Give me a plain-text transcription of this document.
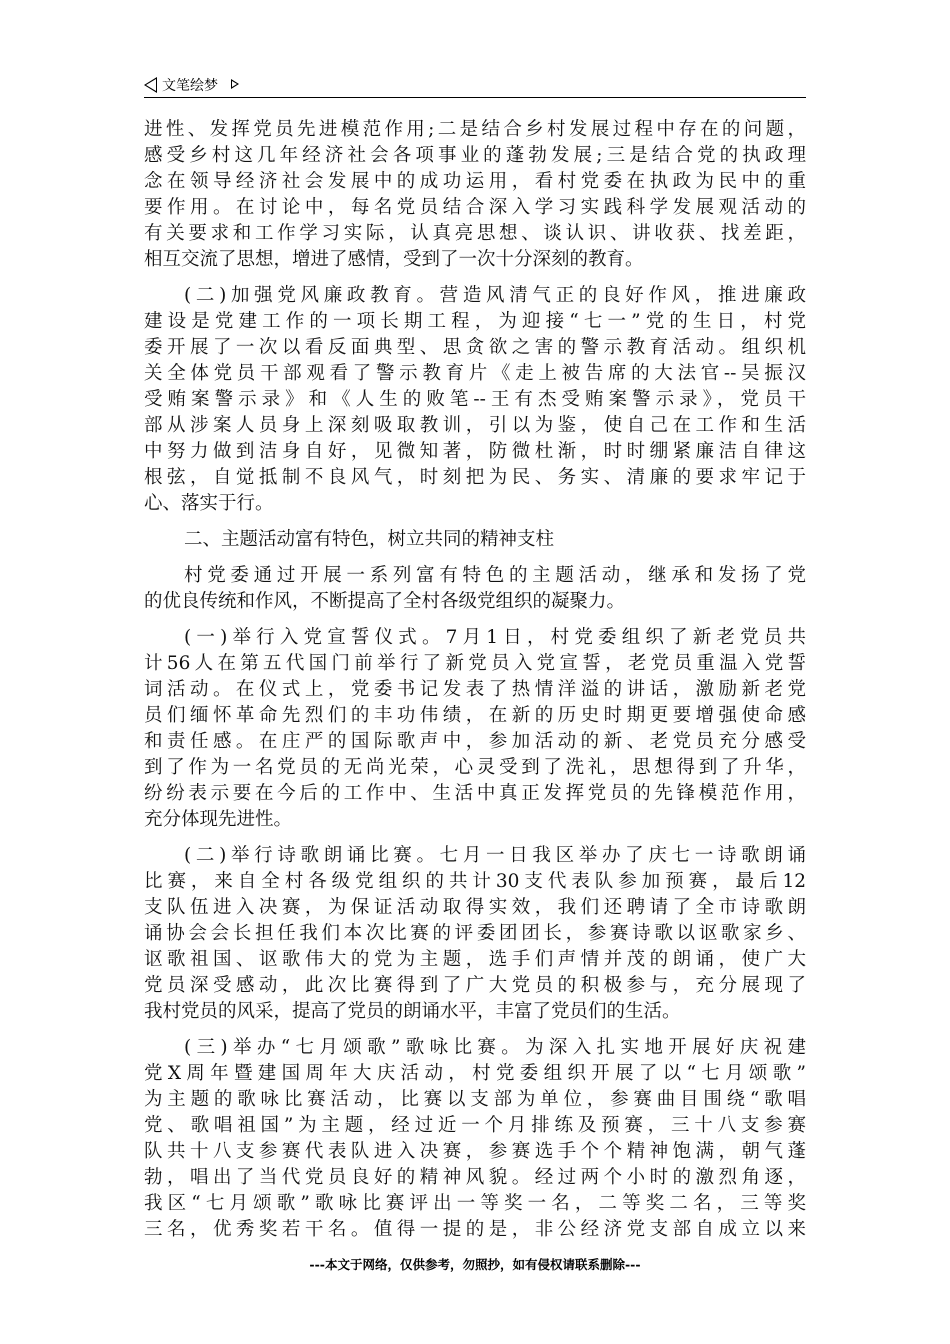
文笔绘梦
进性、发挥党员先进模范作用;二是结合乡村发展过程中存在的问题，
感受乡村这几年经济社会各项事业的蓬勃发展;三是结合党的执政理
念在领导经济社会发展中的成功运用，看村党委在执政为民中的重
要作用。在讨论中，每名党员结合深入学习实践科学发展观活动的
有关要求和工作学习实际，认真亮思想、谈认识、讲收获、找差距，
相互交流了思想，增进了感情，受到了一次十分深刻的教育。
(二)加强党风廉政教育。营造风清气正的良好作风，推进廉政
建设是党建工作的一项长期工程，为迎接“七一”党的生日，村党
委开展了一次以看反面典型、思贪欲之害的警示教育活动。组织机
关全体党员干部观看了警示教育片《走上被告席的大法官--吴振汉
受贿案警示录》和《人生的败笔--王有杰受贿案警示录》，党员干
部从涉案人员身上深刻吸取教训，引以为鉴，使自己在工作和生活
中努力做到洁身自好，见微知著，防微杜渐，时时绷紧廉洁自律这
根弦，自觉抵制不良风气，时刻把为民、务实、清廉的要求牢记于
心、落实于行。
二、主题活动富有特色，树立共同的精神支柱
村党委通过开展一系列富有特色的主题活动，继承和发扬了党
的优良传统和作风，不断提高了全村各级党组织的凝聚力。
(一)举行入党宣誓仪式。7月1日，村党委组织了新老党员共
计56人在第五代国门前举行了新党员入党宣誓，老党员重温入党誓
词活动。在仪式上，党委书记发表了热情洋溢的讲话，激励新老党
员们缅怀革命先烈们的丰功伟绩，在新的历史时期更要增强使命感
和责任感。在庄严的国际歌声中，参加活动的新、老党员充分感受
到了作为一名党员的无尚光荣，心灵受到了洗礼，思想得到了升华，
纷纷表示要在今后的工作中、生活中真正发挥党员的先锋模范作用，
充分体现先进性。
(二)举行诗歌朗诵比赛。七月一日我区举办了庆七一诗歌朗诵
比赛，来自全村各级党组织的共计30支代表队参加预赛，最后12
支队伍进入决赛，为保证活动取得实效，我们还聘请了全市诗歌朗
诵协会会长担任我们本次比赛的评委团团长，参赛诗歌以讴歌家乡、
讴歌祖国、讴歌伟大的党为主题，选手们声情并茂的朗诵，使广大
党员深受感动，此次比赛得到了广大党员的积极参与，充分展现了
我村党员的风采，提高了党员的朗诵水平，丰富了党员们的生活。
(三)举办“七月颂歌”歌咏比赛。为深入扎实地开展好庆祝建
党X周年暨建国周年大庆活动，村党委组织开展了以“七月颂歌”
为主题的歌咏比赛活动，比赛以支部为单位，参赛曲目围绕“歌唱
党、歌唱祖国”为主题，经过近一个月排练及预赛，三十八支参赛
队共十八支参赛代表队进入决赛，参赛选手个个精神饱满，朝气蓬
勃，唱出了当代党员良好的精神风貌。经过两个小时的激烈角逐，
我区“七月颂歌”歌咏比赛评出一等奖一名，二等奖二名，三等奖
三名，优秀奖若干名。值得一提的是，非公经济党支部自成立以来
---本文于网络，仅供参考，勿照抄，如有侵权请联系删除---
